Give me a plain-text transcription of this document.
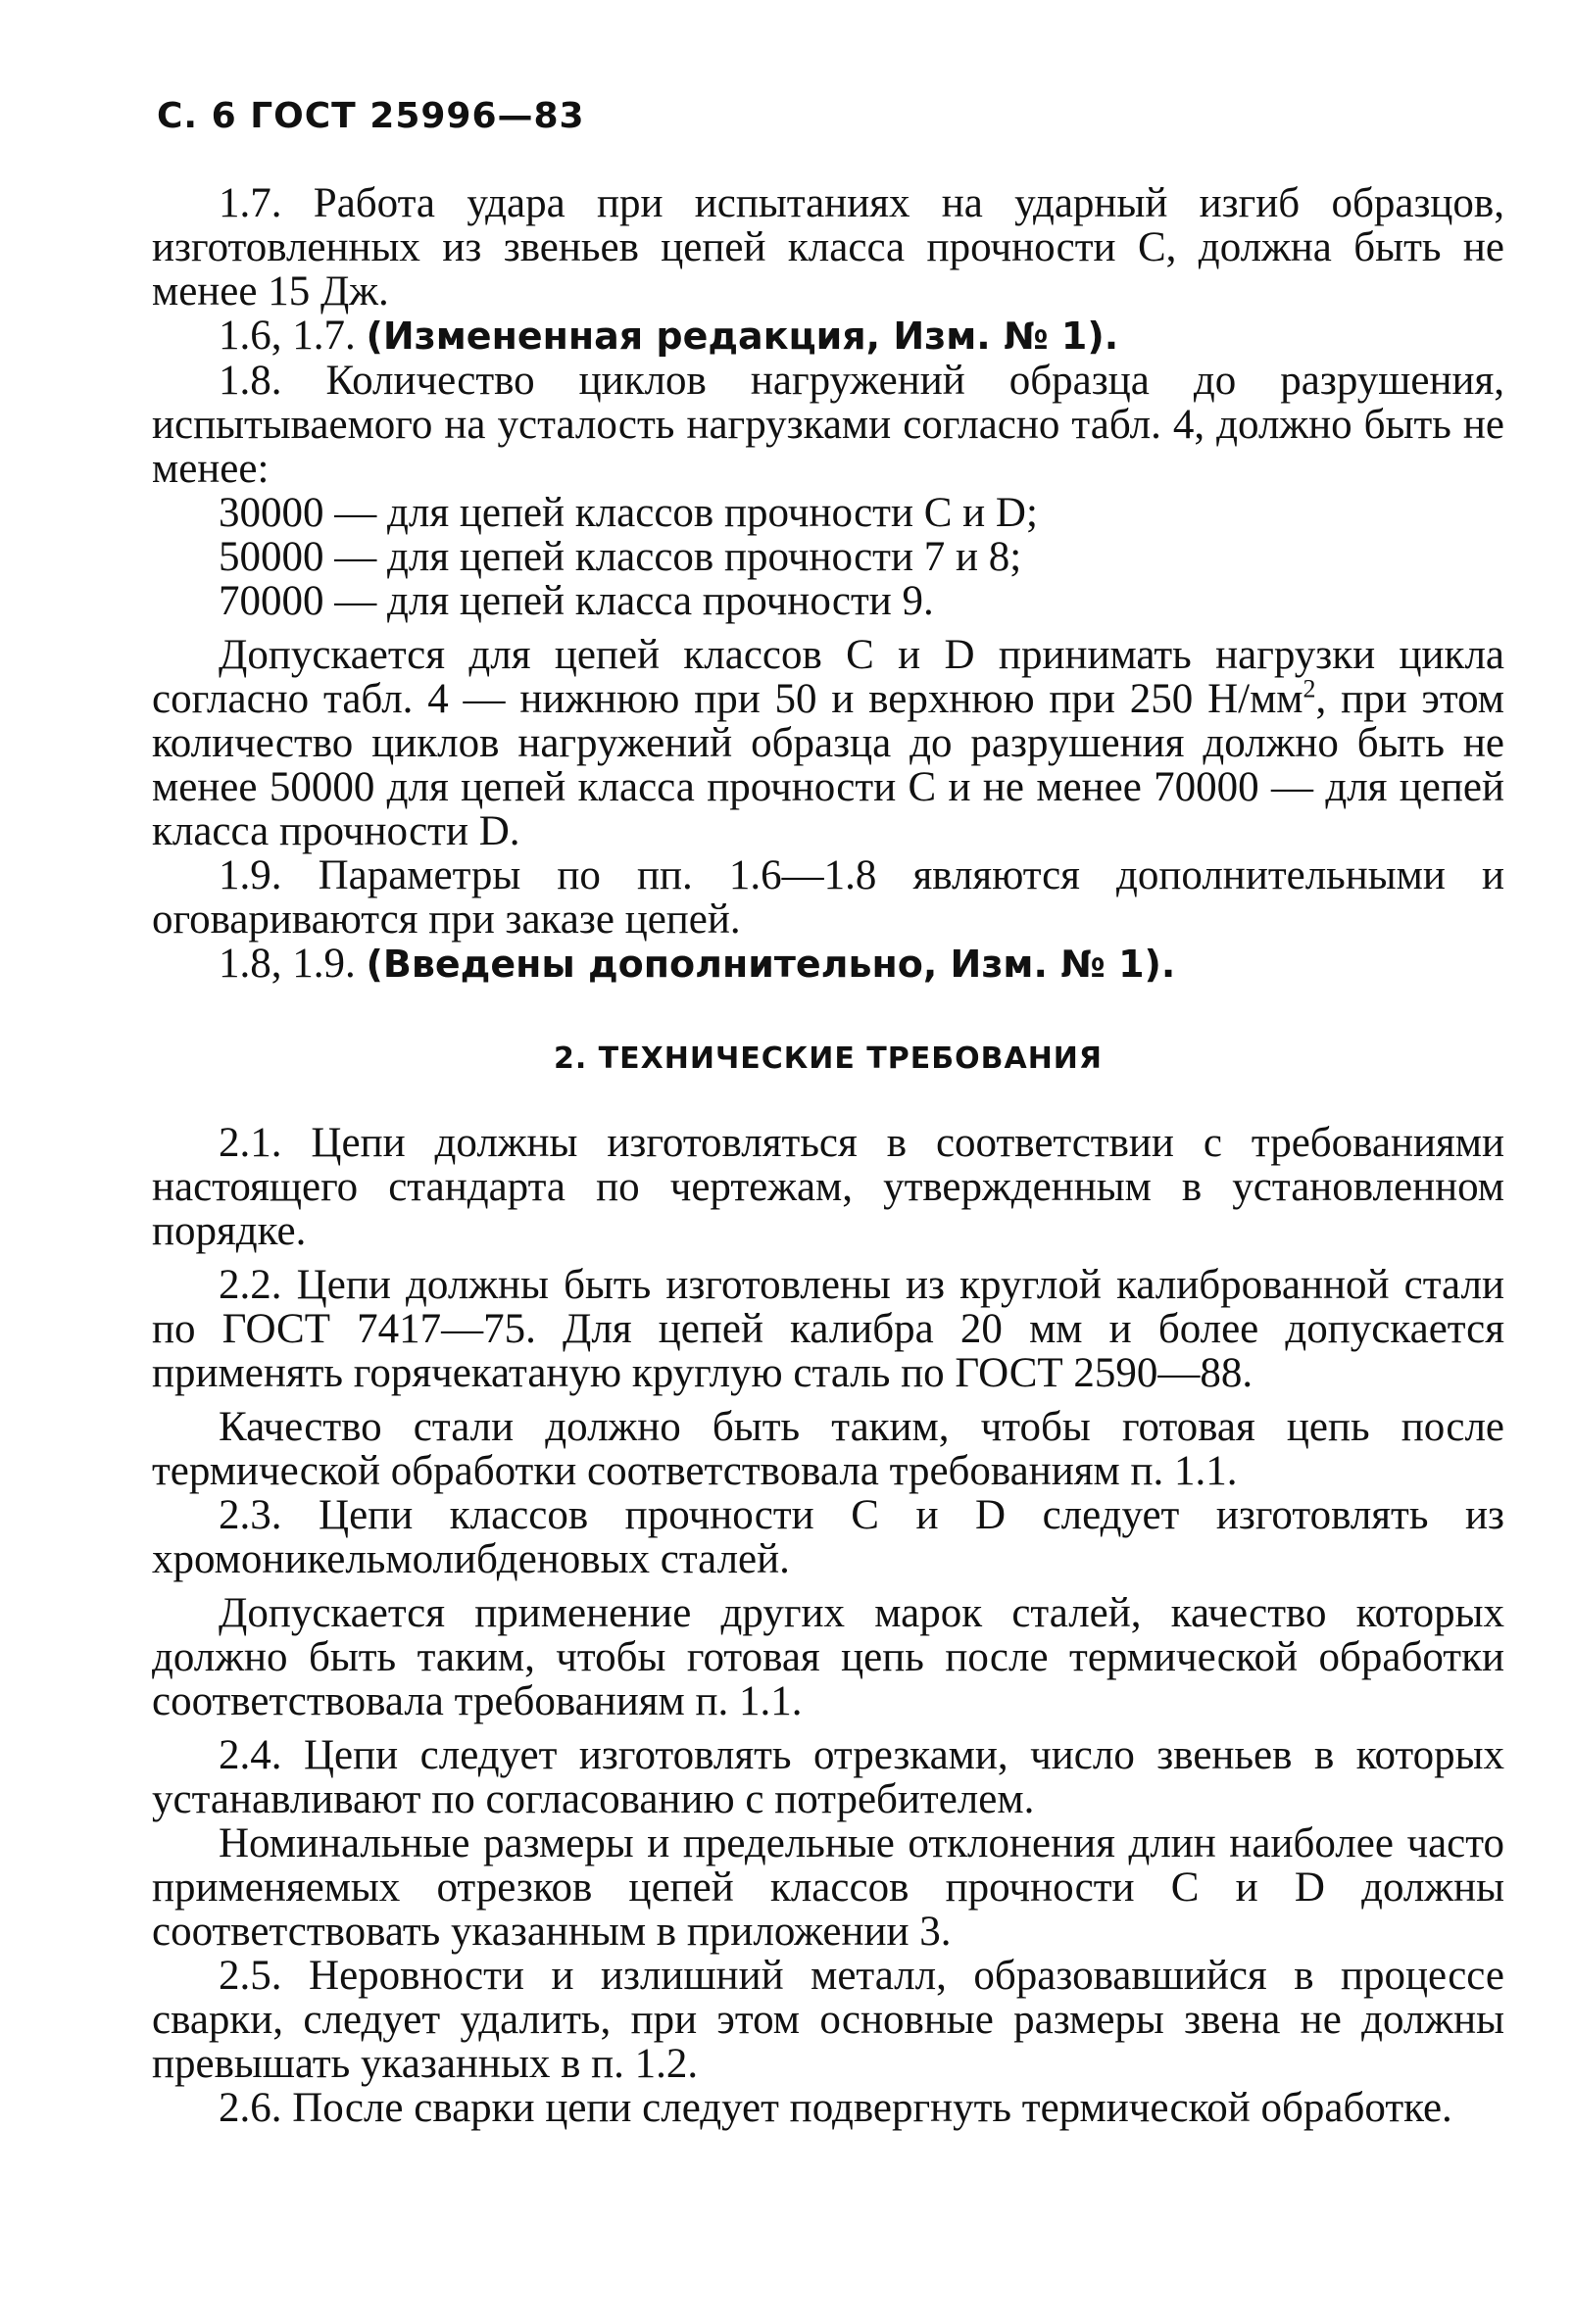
С. 6 ГОСТ 25996—83

1.7. Работа удара при испытаниях на ударный изгиб образцов, изготовленных из звеньев цепей класса прочности C, должна быть не менее 15 Дж.

1.6, 1.7. (Измененная редакция, Изм. № 1).

1.8. Количество циклов нагружений образца до разрушения, испытываемого на усталость нагрузками согласно табл. 4, должно быть не менее:

30000 — для цепей классов прочности C и D;

50000 — для цепей классов прочности 7 и 8;

70000 — для цепей класса прочности 9.

Допускается для цепей классов C и D принимать нагрузки цикла согласно табл. 4 — нижнюю при 50 и верхнюю при 250 $Н/мм^2$, при этом количество циклов нагружений образца до разрушения должно быть не менее 50000 для цепей класса прочности C и не менее 70000 — для цепей класса прочности D.

1.9. Параметры по пп. 1.6—1.8 являются дополнительными и оговариваются при заказе цепей.

1.8, 1.9. (Введены дополнительно, Изм. № 1).

2. ТЕХНИЧЕСКИЕ ТРЕБОВАНИЯ

2.1. Цепи должны изготовляться в соответствии с требованиями настоящего стандарта по чертежам, утвержденным в установленном порядке.

2.2. Цепи должны быть изготовлены из круглой калиброванной стали по ГОСТ 7417—75. Для цепей калибра 20 мм и более допускается применять горячекатаную круглую сталь по ГОСТ 2590—88.

Качество стали должно быть таким, чтобы готовая цепь после термической обработки соответствовала требованиям п. 1.1.

2.3. Цепи классов прочности C и D следует изготовлять из хромоникельмолибденовых сталей.

Допускается применение других марок сталей, качество которых должно быть таким, чтобы готовая цепь после термической обработки соответствовала требованиям п. 1.1.

2.4. Цепи следует изготовлять отрезками, число звеньев в которых устанавливают по согласованию с потребителем.

Номинальные размеры и предельные отклонения длин наиболее часто применяемых отрезков цепей классов прочности C и D должны соответствовать указанным в приложении 3.

2.5. Неровности и излишний металл, образовавшийся в процессе сварки, следует удалить, при этом основные размеры звена не должны превышать указанных в п. 1.2.

2.6. После сварки цепи следует подвергнуть термической обработке.
